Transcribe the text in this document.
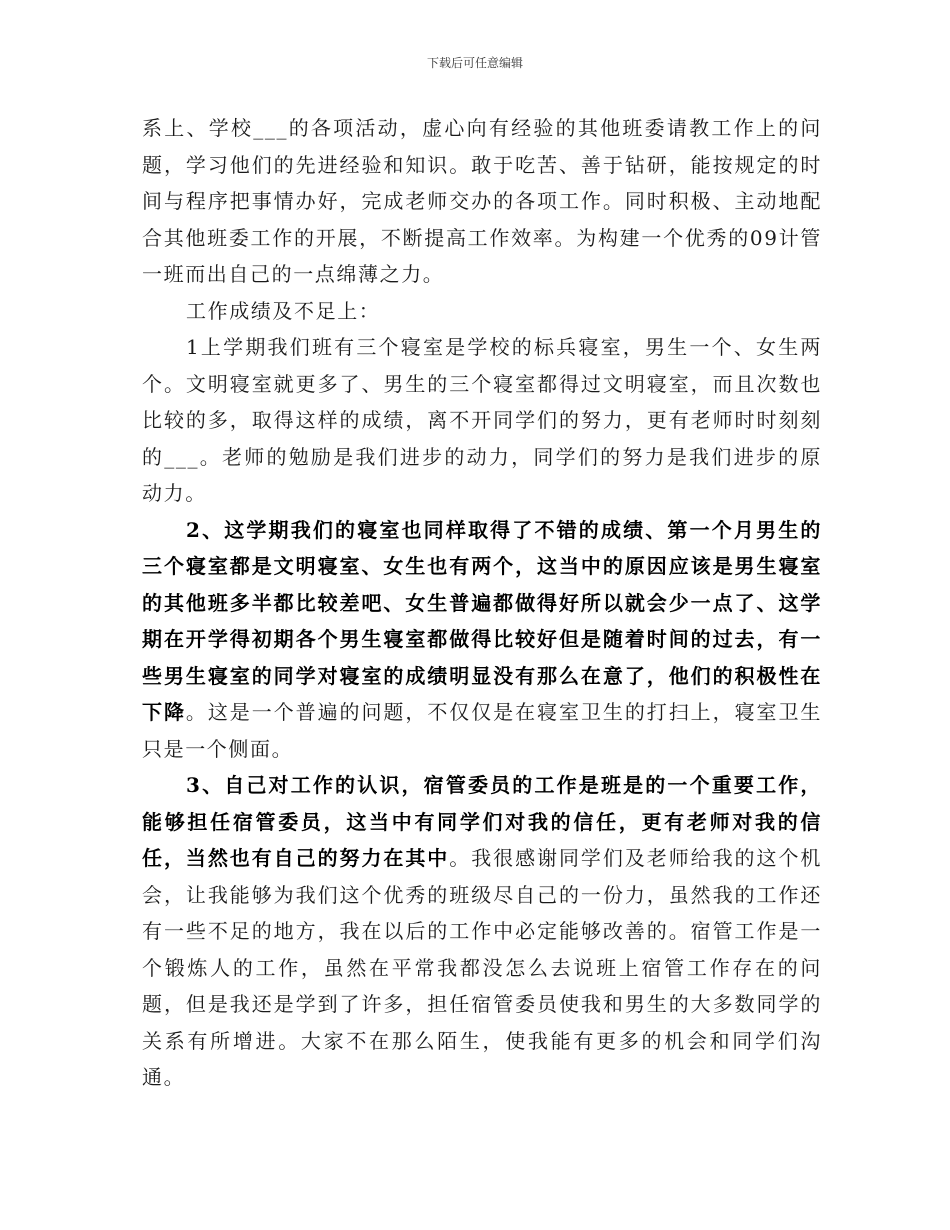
下载后可任意编辑

系上、学校___的各项活动，虚心向有经验的其他班委请教工作上的问题，学习他们的先进经验和知识。敢于吃苦、善于钻研，能按规定的时间与程序把事情办好，完成老师交办的各项工作。同时积极、主动地配合其他班委工作的开展，不断提高工作效率。为构建一个优秀的09计管一班而出自己的一点绵薄之力。

工作成绩及不足上：

1上学期我们班有三个寝室是学校的标兵寝室，男生一个、女生两个。文明寝室就更多了、男生的三个寝室都得过文明寝室，而且次数也比较的多，取得这样的成绩，离不开同学们的努力，更有老师时时刻刻的___。老师的勉励是我们进步的动力，同学们的努力是我们进步的原动力。

2、这学期我们的寝室也同样取得了不错的成绩、第一个月男生的三个寝室都是文明寝室、女生也有两个，这当中的原因应该是男生寝室的其他班多半都比较差吧、女生普遍都做得好所以就会少一点了、这学期在开学得初期各个男生寝室都做得比较好但是随着时间的过去，有一些男生寝室的同学对寝室的成绩明显没有那么在意了，他们的积极性在下降。这是一个普遍的问题，不仅仅是在寝室卫生的打扫上，寝室卫生只是一个侧面。

3、自己对工作的认识，宿管委员的工作是班是的一个重要工作，能够担任宿管委员，这当中有同学们对我的信任，更有老师对我的信任，当然也有自己的努力在其中。我很感谢同学们及老师给我的这个机会，让我能够为我们这个优秀的班级尽自己的一份力，虽然我的工作还有一些不足的地方，我在以后的工作中必定能够改善的。宿管工作是一个锻炼人的工作，虽然在平常我都没怎么去说班上宿管工作存在的问题，但是我还是学到了许多，担任宿管委员使我和男生的大多数同学的关系有所增进。大家不在那么陌生，使我能有更多的机会和同学们沟通。
